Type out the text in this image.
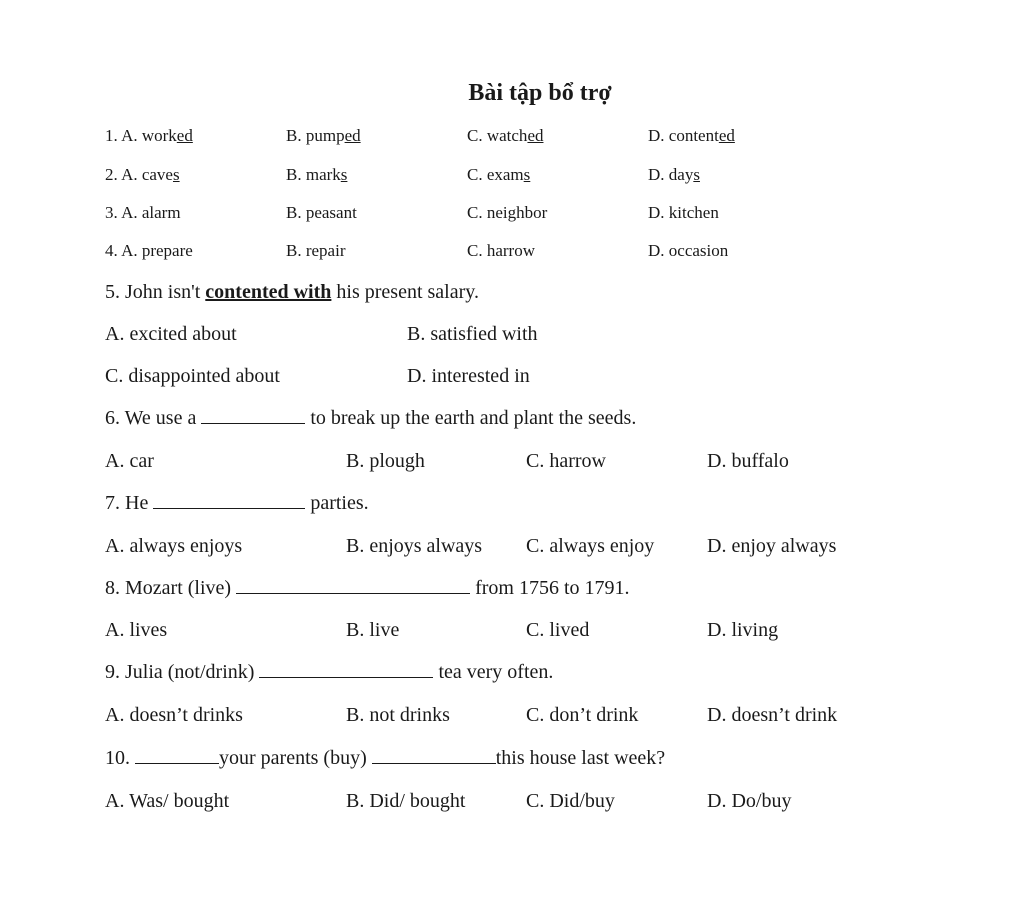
Bài tập bổ trợ
1. A. worked	B. pumped	C. watched	D. contented
2. A. caves	B. marks	C. exams	D. days
3. A. alarm	B. peasant	C. neighbor	D. kitchen
4. A. prepare	B. repair	C. harrow	D. occasion
5. John isn't contented with his present salary.
A. excited about	B. satisfied with
C. disappointed about	D. interested in
6. We use a	to break up the earth and plant the seeds.
A. car	B. plough	C. harrow	D. buffalo
7. He	parties.
A. always enjoys	B. enjoys always C. always enjoy	D. enjoy always
8. Mozart (live)	from 1756 to 1791.
A. lives	B. live	C. lived	D. living
9. Julia (not/drink)	tea very often.
A. doesn’t drinks	B. not drinks	C. don’t drink	D. doesn’t drink
10.	your parents (buy)	this house last week?
A. Was/ bought	B. Did/ bought	C. Did/buy	D. Do/buy
